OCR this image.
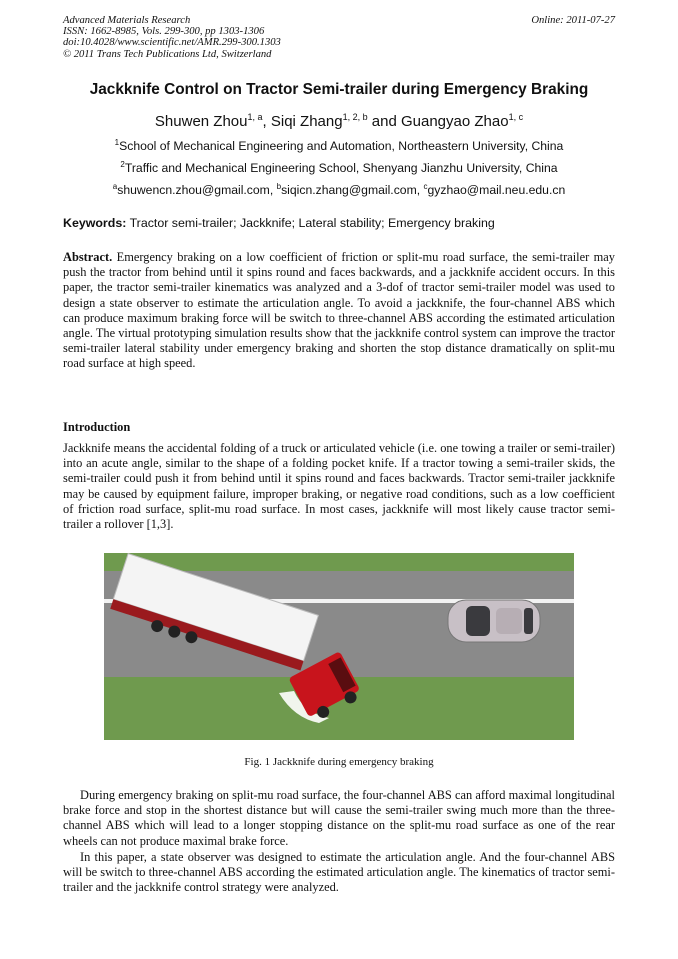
Advanced Materials Research
ISSN: 1662-8985, Vols. 299-300, pp 1303-1306
doi:10.4028/www.scientific.net/AMR.299-300.1303
© 2011 Trans Tech Publications Ltd, Switzerland
Online: 2011-07-27
Jackknife Control on Tractor Semi-trailer during Emergency Braking
Shuwen Zhou$^{1, a}$, Siqi Zhang$^{1, 2, b}$ and Guangyao Zhao$^{1, c}$
$^1$School of Mechanical Engineering and Automation, Northeastern University, China
$^2$Traffic and Mechanical Engineering School, Shenyang Jianzhu University, China
$^a$shuwencn.zhou@gmail.com, $^b$siqicn.zhang@gmail.com, $^c$gyzhao@mail.neu.edu.cn
Keywords: Tractor semi-trailer; Jackknife; Lateral stability; Emergency braking
Abstract. Emergency braking on a low coefficient of friction or split-mu road surface, the semi-trailer may push the tractor from behind until it spins round and faces backwards, and a jackknife accident occurs. In this paper, the tractor semi-trailer kinematics was analyzed and a 3-dof of tractor semi-trailer model was used to design a state observer to estimate the articulation angle. To avoid a jackknife, the four-channel ABS which can produce maximum braking force will be switch to three-channel ABS according the estimated articulation angle. The virtual prototyping simulation results show that the jackknife control system can improve the tractor semi-trailer lateral stability under emergency braking and shorten the stop distance dramatically on split-mu road surface at high speed.
Introduction
Jackknife means the accidental folding of a truck or articulated vehicle (i.e. one towing a trailer or semi-trailer) into an acute angle, similar to the shape of a folding pocket knife. If a tractor towing a semi-trailer skids, the semi-trailer could push it from behind until it spins round and faces backwards. Tractor semi-trailer jackknife may be caused by equipment failure, improper braking, or negative road conditions, such as a low coefficient of friction road surface, split-mu road surface. In most cases, jackknife will most likely cause tractor semi-trailer a rollover [1,3].
Fig. 1 Jackknife during emergency braking
During emergency braking on split-mu road surface, the four-channel ABS can afford maximal longitudinal brake force and stop in the shortest distance but will cause the semi-trailer swing much more than the three-channel ABS which will lead to a longer stopping distance on the split-mu road surface as one of the rear wheels can not produce maximal brake force.
In this paper, a state observer was designed to estimate the articulation angle. And the four-channel ABS will be switch to three-channel ABS according the estimated articulation angle. The kinematics of tractor semi-trailer and the jackknife control strategy were analyzed.
